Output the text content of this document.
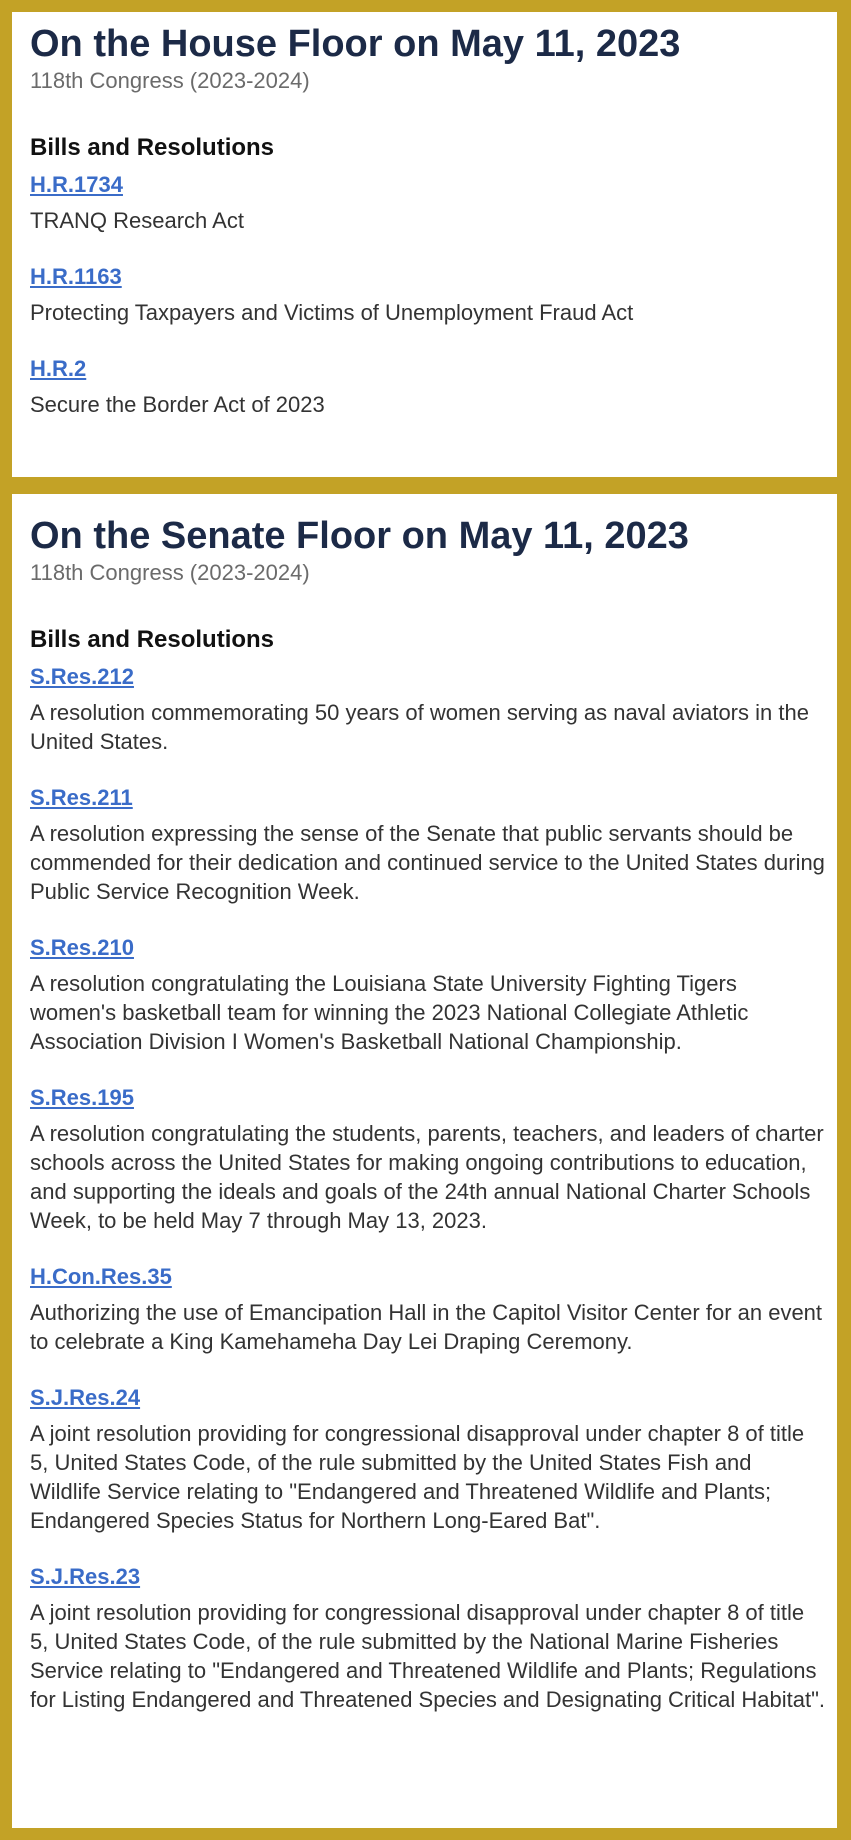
On the House Floor on May 11, 2023
118th Congress (2023-2024)
Bills and Resolutions
H.R.1734
TRANQ Research Act
H.R.1163
Protecting Taxpayers and Victims of Unemployment Fraud Act
H.R.2
Secure the Border Act of 2023
On the Senate Floor on May 11, 2023
118th Congress (2023-2024)
Bills and Resolutions
S.Res.212
A resolution commemorating 50 years of women serving as naval aviators in the United States.
S.Res.211
A resolution expressing the sense of the Senate that public servants should be commended for their dedication and continued service to the United States during Public Service Recognition Week.
S.Res.210
A resolution congratulating the Louisiana State University Fighting Tigers women's basketball team for winning the 2023 National Collegiate Athletic Association Division I Women's Basketball National Championship.
S.Res.195
A resolution congratulating the students, parents, teachers, and leaders of charter schools across the United States for making ongoing contributions to education, and supporting the ideals and goals of the 24th annual National Charter Schools Week, to be held May 7 through May 13, 2023.
H.Con.Res.35
Authorizing the use of Emancipation Hall in the Capitol Visitor Center for an event to celebrate a King Kamehameha Day Lei Draping Ceremony.
S.J.Res.24
A joint resolution providing for congressional disapproval under chapter 8 of title 5, United States Code, of the rule submitted by the United States Fish and Wildlife Service relating to "Endangered and Threatened Wildlife and Plants; Endangered Species Status for Northern Long-Eared Bat".
S.J.Res.23
A joint resolution providing for congressional disapproval under chapter 8 of title 5, United States Code, of the rule submitted by the National Marine Fisheries Service relating to "Endangered and Threatened Wildlife and Plants; Regulations for Listing Endangered and Threatened Species and Designating Critical Habitat".
